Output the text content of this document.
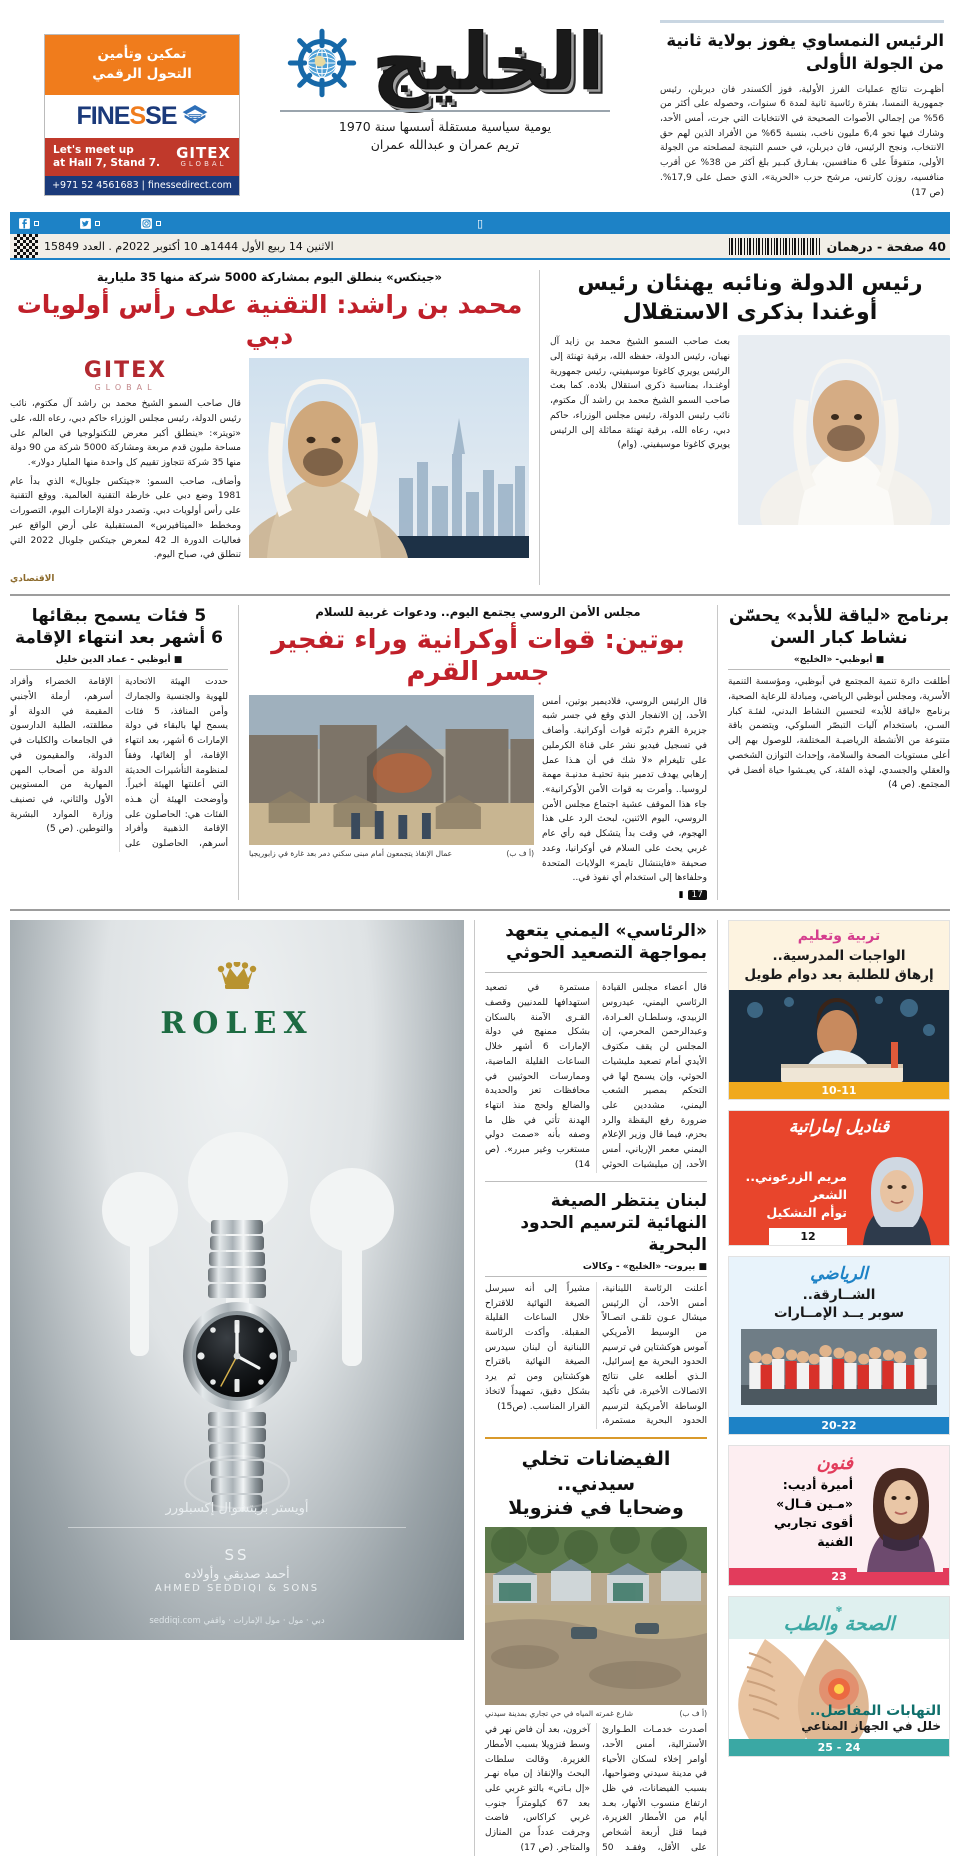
الرئيس النمساوي يفوز بولاية ثانية من الجولة الأولى
أظهـرت نتائج عمليات الفرز الأولية، فوز ألكسندر فان ديربلن، رئيس جمهورية النمسا، بفترة رئاسية ثانية لمدة 6 سنوات، وحصوله على أكثر من 56% من إجمالي الأصوات الصحيحة في الانتخابات التي جرت، أمس الأحد، وشارك فيها نحو 6,4 مليون ناخب، بنسبة 65% من الأفراد الذين لهم حق الانتخاب، ونجح الرئيس، فان ديربلن، في حسم النتيجة لمصلحته من الجولة الأولى، متفوقاً على 6 منافسين، بفـارق كبـير بلغ أكثر من 38% عن أقرب منافسيه، روزن كارتس، مرشح حزب «الحرية»، الذي حصل على 17,9%. (ص 17)
الخليج
يومية سياسية مستقلة أسسها سنة 1970
تريم عمران و عبدالله عمران
تمكين وتأمين
التحول الرقمي
FINESSE
Let's meet up
at Hall 7, Stand 7.
GITEX
GLOBAL
+971 52 4561683 | finessedirect.com
▯
40 صفحة - درهمان
الاثنين 14 ربيع الأول 1444هـ 10 أكتوبر 2022م . العدد 15849
رئيس الدولة ونائبه يهنئان رئيس أوغندا بذكرى الاستقلال
بعث صاحب السمو الشيخ محمد بن زايد آل نهيان، رئيس الدولة، حفظه الله، برقية تهنئة إلى الرئيس يويري كاغوتا موسيفيني، رئيس جمهورية أوغنـدا، بمناسبة ذكرى استقلال بلاده. كما بعث صاحب السمو الشيخ محمد بن راشد آل مكتوم، نائب رئيس الدولة، رئيس مجلس الوزراء، حاكم دبي، رعاه الله، برقية تهنئة مماثلة إلى الرئيس يويري كاغوتا موسيفيني. (وام)
«جيتكس» ينطلق اليوم بمشاركة 5000 شركة منها 35 مليارية
محمد بن راشد: التقنية على رأس أولويات دبي
GITEX
GLOBAL
قال صاحب السمو الشيخ محمد بن راشد آل مكتوم، نائب رئيس الدولة، رئيس مجلس الوزراء حاكم دبي، رعاه الله، على «تويتر»: «ينطلق أكبر معرض للتكنولوجيا في العالم على مساحة مليون قدم مربعة ومشاركة 5000 شركة من 90 دولة منها 35 شركة تتجاوز تقييم كل واحدة منها المليار دولار».
وأضاف، صاحب السمو: «جيتكس جلوبال» الذي بدأ عام 1981 وضع دبي على خارطة التقنية العالمية. ووقع التقنية على رأس أولويات دبي. وتصدر دولة الإمارات اليوم، التصورات ومخطط «الميتافيرس» المستقبلية على أرض الواقع عبر فعاليات الدورة الـ 42 لمعرض جيتكس جلوبال 2022 التي تنطلق في، صباح اليوم.
الاقتصادي
برنامج «لياقة للأبد» يحسّن نشاط كبار السن
■ أبوظبي- «الخليج»
أطلقت دائرة تنمية المجتمع في أبوظبي، ومؤسسة التنمية الأسرية، ومجلس أبوظبي الرياضي، ومبادلة للرعاية الصحية، برنامج «لياقة للأبد» لتحسين النشاط البدني، لفئـة كبار السـن، باستخدام آليات التبصّر السلوكي، ويتضمن باقة متنوعة من الأنشطة الرياضيـة المختلفة، للوصول بهم إلى أعلى مستويات الصحة والسلامة، وإحداث التوازن الشخصي والعقلي والجسدي، لهذه الفئة، كي يعيـشوا حياة أفضل في المجتمع. (ص 4)
مجلس الأمن الروسي يجتمع اليوم.. ودعوات غربية للسلام
بوتين: قوات أوكرانية وراء تفجير جسر القرم
قال الرئيس الروسي، فلاديمير بوتين، أمس الأحد، إن الانفجار الذي وقع في جسر شبه جزيرة القرم دبّرته قوات أوكرانية. وأضاف في تسجيل فيديو نشر على قناة الكرملين على تليغرام «لا شك في أن هـذا عمل إرهابي يهدف تدمير بنية تحتيـة مدنيـة مهمة لروسيا.. وأمرت به قوات الأمن الأوكرانية». جاء هذا الموقف عشية اجتماع مجلس الأمن الروسي، اليوم الاثنين، لبحث الرد على هذا الهجوم، في وقت بدأ يتشكل فيه رأي عام غربي يحث على السلام في أوكرانيا، وعدد صحيفة «فايننشال تايمز» الولايات المتحدة وحلفاءها إلى استخدام أي نفوذ في..
17
▮
(أ ف ب)
عمال الإنقاذ يتجمعون أمام مبنى سكني دمر بعد غارة في زابوريجيا
5 فئات يسمح ببقائها
6 أشهر بعد انتهاء الإقامة
■ أبوظبي - عماد الدين خليل
حددت الهيئة الاتحادية للهوية والجنسية والجمارك وأمن المنافذ، 5 فئات يسمح لها بالبقاء في دولة الإمارات 6 أشهر، بعد انتهاء الإقامة، أو إلغائها، وفقاً لمنظومة التأشيرات الحديثة التي أعلنتها الهيئة أخيراً. وأوضحت الهيئة أن هـذه الفئات هي: الحاصلون على الإقامة الذهبية وأفراد أسرهم، الحاصلون على الإقامة الخضراء وأفراد أسرهم، أرملة الأجنبي المقيمة في الدولة أو مطلقته، الطلبة الدارسون في الجامعات والكليات في الدولة، والمقيمون في الدولة من أصحاب المهن المهارية من المستويين الأول والثاني، في تصنيف وزارة الموارد البشرية والتوطين. (ص 5)
تربية وتعليم
الواجبات المدرسية..
إرهاق للطلبة بعد دوام طويل
10-11
قناديل إماراتية
مريم الزرعوني..
الشعر
توأم التشكيل
12
الرياضي
الشــارقة..
سوبر يــد الإمــارات
20-22
فنون
أميرة أديب:
«مـين قـال»
أقوى تجاربي
الفنية
23
✾
الصحة والطب
التهابات المفاصل..
خلل في الجهاز المناعي
24 - 25
«الرئاسي» اليمني يتعهد بمواجهة التصعيد الحوثي
قال أعضاء مجلس القيادة الرئاسي اليمني، عيدروس الزبيدي، وسلطـان العـرادة، وعبدالرحمن المحرمي، إن المجلس لن يقف مكتوف الأيدي أمام تصعيد مليشيات الحوثي، وإن يسمح لها في التحكم بمصير الشعب اليمني، مشددين على ضرورة رفع اليقظة والرد بحزم، فيما قال وزير الإعلام اليمني معمر الإرياني، أمس الأحد، إن ميليشيات الحوثي مستمرة في تصعيد استهدافها للمدنيين وقصف القـرى الآمنة بالسكان بشكل ممنهج في دولة الإمارات 6 أشهر خلال الساعات القليلة الماضية، وممارسات الحوثيين في محافظات تعز والحديدة والضالع ولحج منذ انتهاء الهدنة تأتي في ظل ما وصفه بأنه «صمت دولي مستغرب وغير مبرر». (ص 14)
لبنان ينتظر الصيغة النهائية لترسيم الحدود البحرية
■ بيروت- «الخليج» - وكالات
أعلنت الرئاسة اللبنانية، أمس الأحد، أن الرئيس ميشال عـون تلقـى اتصـالاً من الوسيط الأمريكي آموس هوكشتاين في ترسيم الحدود البحرية مع إسرائيل، الـذي أطلعه على نتائج الاتصالات الأخيرة، في تأكيد الوساطة الأمريكية لترسيم الحدود البحرية مستمرة، مشيراً إلى أنه سيرسل الصيغة النهائية للاقتراح خلال الساعات القليلة المقبلة. وأكدت الرئاسة اللبنانية أن لبنان سيدرس الصيغة النهائية باقتراح هوكشتاين ومن ثم يرد بشكل دقيق، تمهيداً لاتخاذ القرار المناسب. (ص15)
الفيضانات تخلي سيدني..
وضحايا في فنزويلا
(أ ف ب)
شارع غمرته المياه في حي تجاري بمدينة سيدني
أصدرت خدمـات الطـوارئ الأسترالية، أمس الأحد، أوامر إخلاء لسكان الأحياء في مدينة سيدني وضواحيها، بسبب الفيضانات، في ظل ارتفاع منسوب الأنهار، بعـد أيام من الأمطار الغزيرة، فيما قتل أربعة أشخاص على الأقل، وفقـد 50 آخرون، بعد أن فاض نهر في وسط فنزويلا بسبب الأمطار الغزيرة. وقالت سلطات البحث والإنقاذ إن مياه نهـر «إل بـاتي» بالتو غربي على بعد 67 كيلومتراً جنوب غربي كراكاس، فاضت وجرفت عدداً من المنازل والمتاجر. (ص 17)
ROLEX
أويستر بربتشوال إكسبلورر
SS
أحمد صديقي وأولاده
AHMED SEDDIQI & SONS
دبي · مول · مول الإمارات · واقفي seddiqi.com
